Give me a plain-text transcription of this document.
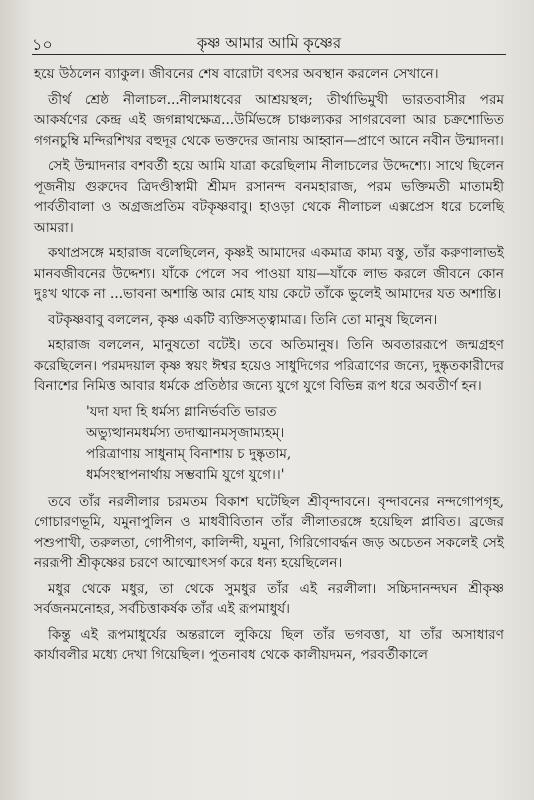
১০	কৃষ্ণ আমার আমি কৃষ্ণের

হয়ে উঠলেন ব্যাকুল। জীবনের শেষ বারোটা বৎসর অবস্থান করলেন সেখানে।

তীর্থ শ্রেষ্ঠ নীলাচল...নীলমাধবের আশ্রয়স্থল; তীর্থাভিমুখী ভারতবাসীর পরম আকর্ষণের কেন্দ্র এই জগন্নাথক্ষেত্র...উর্মিভঙ্গে চাঞ্চল্যকর সাগরবেলা আর চক্রশোভিত গগনচুম্বি মন্দিরশিখর বহুদূর থেকে ভক্তদের জানায় আহ্বান—প্রাণে আনে নবীন উন্মাদনা।

সেই উন্মাদনার বশবর্তী হয়ে আমি যাত্রা করেছিলাম নীলাচলের উদ্দেশ্যে। সাথে ছিলেন পূজনীয় গুরুদেব ত্রিদণ্ডীস্বামী শ্রীমদ রসানন্দ বনমহারাজ, পরম ভক্তিমতী মাতামহী পার্বতীবালা ও অগ্রজপ্রতিম বটকৃষ্ণবাবু। হাওড়া থেকে নীলাচল এক্সপ্রেস ধরে চলেছি আমরা।

কথাপ্রসঙ্গে মহারাজ বলেছিলেন, কৃষ্ণই আমাদের একমাত্র কাম্য বস্তু, তাঁর করুণালাভই মানবজীবনের উদ্দেশ্য। যাঁকে পেলে সব পাওয়া যায়—যাঁকে লাভ করলে জীবনে কোন দুঃখ থাকে না ...ভাবনা অশান্তি আর মোহ যায় কেটে তাঁকে ভুলেই আমাদের যত অশান্তি।

বটকৃষ্ণবাবু বললেন, কৃষ্ণ একটি ব্যক্তিসত্ত্বামাত্র। তিনি তো মানুষ ছিলেন।

মহারাজ বললেন, মানুষতো বটেই। তবে অতিমানুষ। তিনি অবতাররূপে জন্মগ্রহণ করেছিলেন। পরমদয়াল কৃষ্ণ স্বয়ং ঈশ্বর হয়েও সাধুদিগের পরিত্রাণের জন্যে, দুষ্কৃতকারীদের বিনাশের নিমিত্ত আবার ধর্মকে প্রতিষ্ঠার জন্যে যুগে যুগে বিভিন্ন রূপ ধরে অবতীর্ণ হন।

'যদা যদা হি ধর্মস্য গ্লানির্ভবতি ভারত
অভ্যুত্থানমধর্মস্য তদাত্মানমসৃজাম্যহম্‌।
পরিত্রাণায় সাধুনাম্‌ বিনাশায় চ দুষ্কৃতাম,
ধর্মসংস্থাপনার্থায় সম্ভবামি যুগে যুগে।।'

তবে তাঁর নরলীলার চরমতম বিকাশ ঘটেছিল শ্রীবৃন্দাবনে। বৃন্দাবনের নন্দগোপগৃহ, গোচারণভূমি, যমুনাপুলিন ও মাধবীবিতান তাঁর লীলাতরঙ্গে হয়েছিল প্লাবিত। ব্রজের পশুপাখী, তরুলতা, গোপীগণ, কালিন্দী, যমুনা, গিরিগোবর্দ্ধন জড় অচেতন সকলেই সেই নররূপী শ্রীকৃষ্ণের চরণে আত্মোৎসর্গ করে ধন্য হয়েছিলেন।

মধুর থেকে মধুর, তা থেকে সুমধুর তাঁর এই নরলীলা। সচ্চিদানন্দঘন শ্রীকৃষ্ণ সর্বজনমনোহর, সর্বচিত্তাকর্ষক তাঁর এই রূপমাধুর্য।

কিন্তু এই রূপমাধুর্যের অন্তরালে লুকিয়ে ছিল তাঁর ভগবত্তা, যা তাঁর অসাধারণ কার্যাবলীর মধ্যে দেখা গিয়েছিল। পুতনাবধ থেকে কালীয়দমন, পরবর্তীকালে
